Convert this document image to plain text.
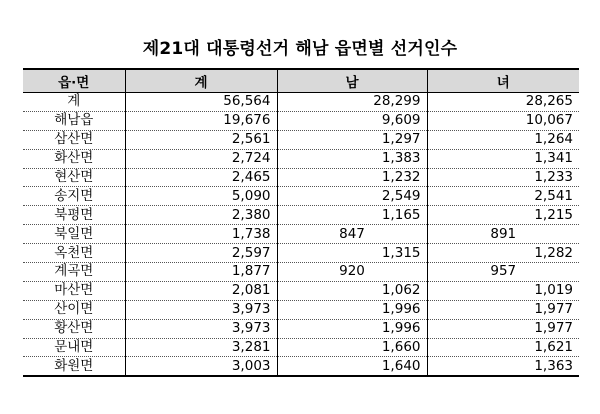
제21대 대통령선거 해남 읍면별 선거인수
읍·면	계	남	녀
계	56,564	28,299	28,265
해남읍	19,676	9,609	10,067
삼산면	2,561	1,297	1,264
화산면	2,724	1,383	1,341
현산면	2,465	1,232	1,233
송지면	5,090	2,549	2,541
북평면	2,380	1,165	1,215
북일면	1,738	847	891
옥천면	2,597	1,315	1,282
계곡면	1,877	920	957
마산면	2,081	1,062	1,019
산이면	3,973	1,996	1,977
황산면	3,973	1,996	1,977
문내면	3,281	1,660	1,621
화원면	3,003	1,640	1,363
